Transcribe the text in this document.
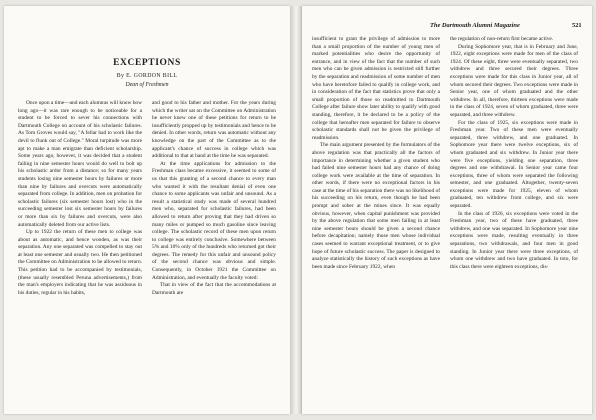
EXCEPTIONS
By E. GORDON BILL
Dean of Freshmen

Once upon a time—and each alumnus will know how long ago—it was rare enough to be noticeable for a student to be forced to sever his connections with Dartmouth College on account of his scholastic failures. As Tom Groves would say, "A fellar had to work like the devil to flunk out of College." Moral turpitude was more apt to make a man emigrate than deficient scholarship. Some years ago, however, it was decided that a student failing in nine semester hours would do well to bolt up his scholastic ardor from a distance; so for many years students losing nine semester hours by failures or more than nine by failures and overcuts were automatically separated from college. In addition, men on probation for scholastic failures (six semester hours lost) who in the succeeding semester lost six semester hours by failures or more than six by failures and overcuts, were also automatically deleted from our active lists.

Up to 1922 the return of these men to college was about as automatic, and hence wooden, as was their separation. Any one separated was compelled to stay out at least one semester and usually two. He then petitioned the Committee on Administration to be allowed to return. This petition had to be accompanied by testimonials, (these usually resembled Peruna advertisements,) from the man's employers indicating that he was assiduous in his duties, regular in his habits,

and good to his father and mother. For the years during which the writer sat on the Committee on Administration he never knew one of these petitions for return to be insufficiently propped up by testimonials and hence to be denied. In other words, return was automatic without any knowledge on the part of the Committee as to the applicant's chance of success in college which was additional to that at hand at the time he was separated.

At the time applications for admission to the Freshman class became excessive, it seemed to some of us that this granting of a second chance to every man who wanted it with the resultant denial of even one chance to some applicants was unfair and unsound. As a result a statistical study was made of several hundred men who, separated for scholastic failures, had been allowed to return after proving that they had driven so many miles or pumped so much gasoline since leaving college. The scholastic record of these men upon return to college was entirely conclusive. Somewhere between 5% and 10% only of the hundreds who returned got their degrees. The remedy for this unfair and unsound policy of the second chance was obvious and simple. Consequently, in October 1921 the Committee on Administration, and eventually the faculty voted:

That in view of the fact that the accommodations at Dartmouth are

The Dartmouth Alumni Magazine	521

insufficient to grant the privilege of admission to more than a small proportion of the number of young men of marked potentialities who desire the opportunity of entrance, and in view of the fact that the number of such men who can be given admission is restricted still further by the separation and readmission of some number of men who have heretofore failed to qualify in college work, and in consideration of the fact that statistics prove that only a small proportion of those so readmitted to Dartmouth College after failure show later ability to qualify with good standing, therefore, it be declared to be a policy of the college that hereafter men separated for failure to observe scholastic standards shall not be given the privilege of readmission.

The main argument presented by the formulators of the above regulation was that practically all the factors of importance in determining whether a given student who had failed nine semester hours had any chance of doing college work were available at the time of separation. In other words, if there were no exceptional factors in his case at the time of his separation there was no likelihood of his succeeding on his return, even though he had been prompt and sober at the mines since. It was equally obvious, however, when capital punishment was provided by the above regulation that some men failing in at least nine semester hours should be given a second chance before decapitation; namely those men whose individual cases seemed to warrant exceptional treatment, or to give hope of future scholastic success. The paper is designed to analyze statistically the history of such exceptions as have been made since February 1922, when

the regulation of non-return first became active.

During Sophomore year, that is in February and June, 1922, eight exceptions were made for men of the class of 1924. Of these eight, three were eventually separated, two withdrew and three secured their degrees. Three exceptions were made for this class in Junior year, all of whom secured their degrees. Two exceptions were made in Senior year, one of whom graduated and the other withdrew. In all, therefore, thirteen exceptions were made in the class of 1924, seven of whom graduated, three were separated, and three withdrew.

For the class of 1925, six exceptions were made in Freshman year. Two of these men were eventually separated, three withdrew, and one graduated. In Sophomore year there were twelve exceptions, six of whom graduated and six withdrew. In Junior year there were five exceptions, yielding one separation, three degrees and one withdrawal. In Senior year came four exceptions, three of whom were separated the following semester, and one graduated. Altogether, twenty-seven exceptions were made for 1925, eleven of whom graduated, ten withdrew from college, and six were separated.

In the class of 1926, six exceptions were voted in the Freshman year, two of these have graduated, three withdrew, and one was separated. In Sophomore year nine exceptions were made, resulting eventually in three separations, two withdrawals, and four men in good standing. In Junior year there were three exceptions, of whom one withdrew and two have graduated. In toto, for this class there were eighteen exceptions, dis-
